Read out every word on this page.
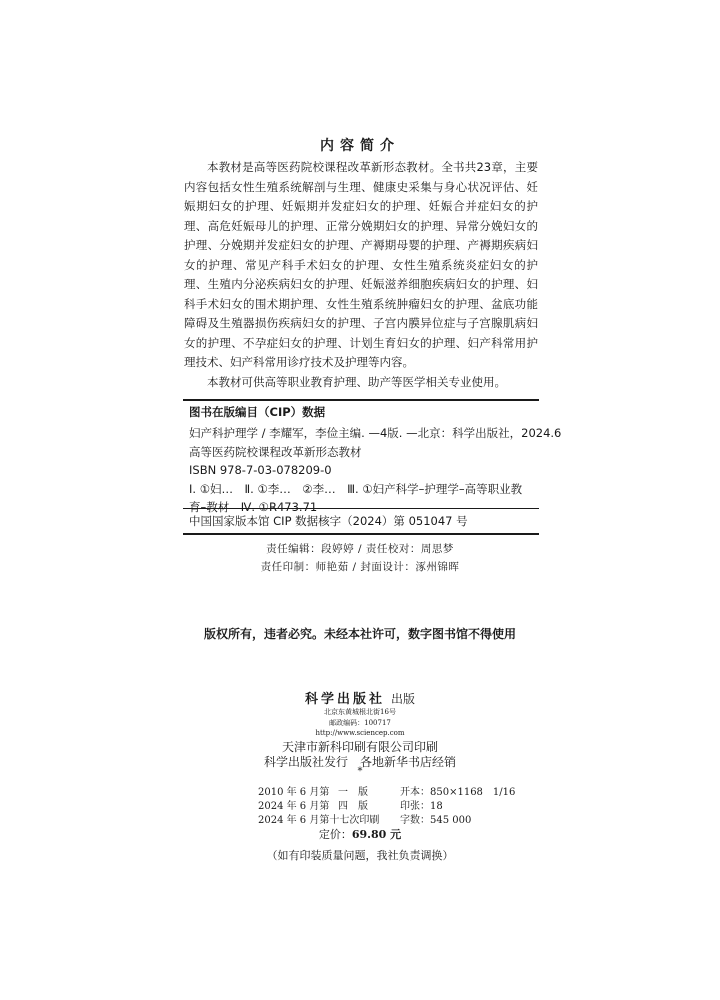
内容简介

本教材是高等医药院校课程改革新形态教材。全书共23章，主要内容包括女性生殖系统解剖与生理、健康史采集与身心状况评估、妊娠期妇女的护理、妊娠期并发症妇女的护理、妊娠合并症妇女的护理、高危妊娠母儿的护理、正常分娩期妇女的护理、异常分娩妇女的护理、分娩期并发症妇女的护理、产褥期母婴的护理、产褥期疾病妇女的护理、常见产科手术妇女的护理、女性生殖系统炎症妇女的护理、生殖内分泌疾病妇女的护理、妊娠滋养细胞疾病妇女的护理、妇科手术妇女的围术期护理、女性生殖系统肿瘤妇女的护理、盆底功能障碍及生殖器损伤疾病妇女的护理、子宫内膜异位症与子宫腺肌病妇女的护理、不孕症妇女的护理、计划生育妇女的护理、妇产科常用护理技术、妇产科常用诊疗技术及护理等内容。

本教材可供高等职业教育护理、助产等医学相关专业使用。

图书在版编目（CIP）数据
妇产科护理学 / 李耀军，李俭主编. —4版. —北京：科学出版社，2024.6
高等医药院校课程改革新形态教材
ISBN 978-7-03-078209-0
Ⅰ. ①妇…　Ⅱ. ①李…　②李…　Ⅲ. ①妇产科学–护理学–高等职业教育–教材　Ⅳ. ①R473.71
中国国家版本馆 CIP 数据核字（2024）第 051047 号
责任编辑：段婷婷 / 责任校对：周思梦
责任印制：师艳茹 / 封面设计：涿州锦晖
版权所有，违者必究。未经本社许可，数字图书馆不得使用
科学出版社 出版
北京东黄城根北街16号
邮政编码：100717
http://www.sciencep.com
天津市新科印刷有限公司印刷
科学出版社发行　各地新华书店经销
*
2010 年 6 月第 一　版	开本：850×1168　1/16
2024 年 6 月第 四　版	印张：18
2024 年 6 月第十七次印刷 字数：545 000
定价：69.80 元
（如有印装质量问题，我社负责调换）
